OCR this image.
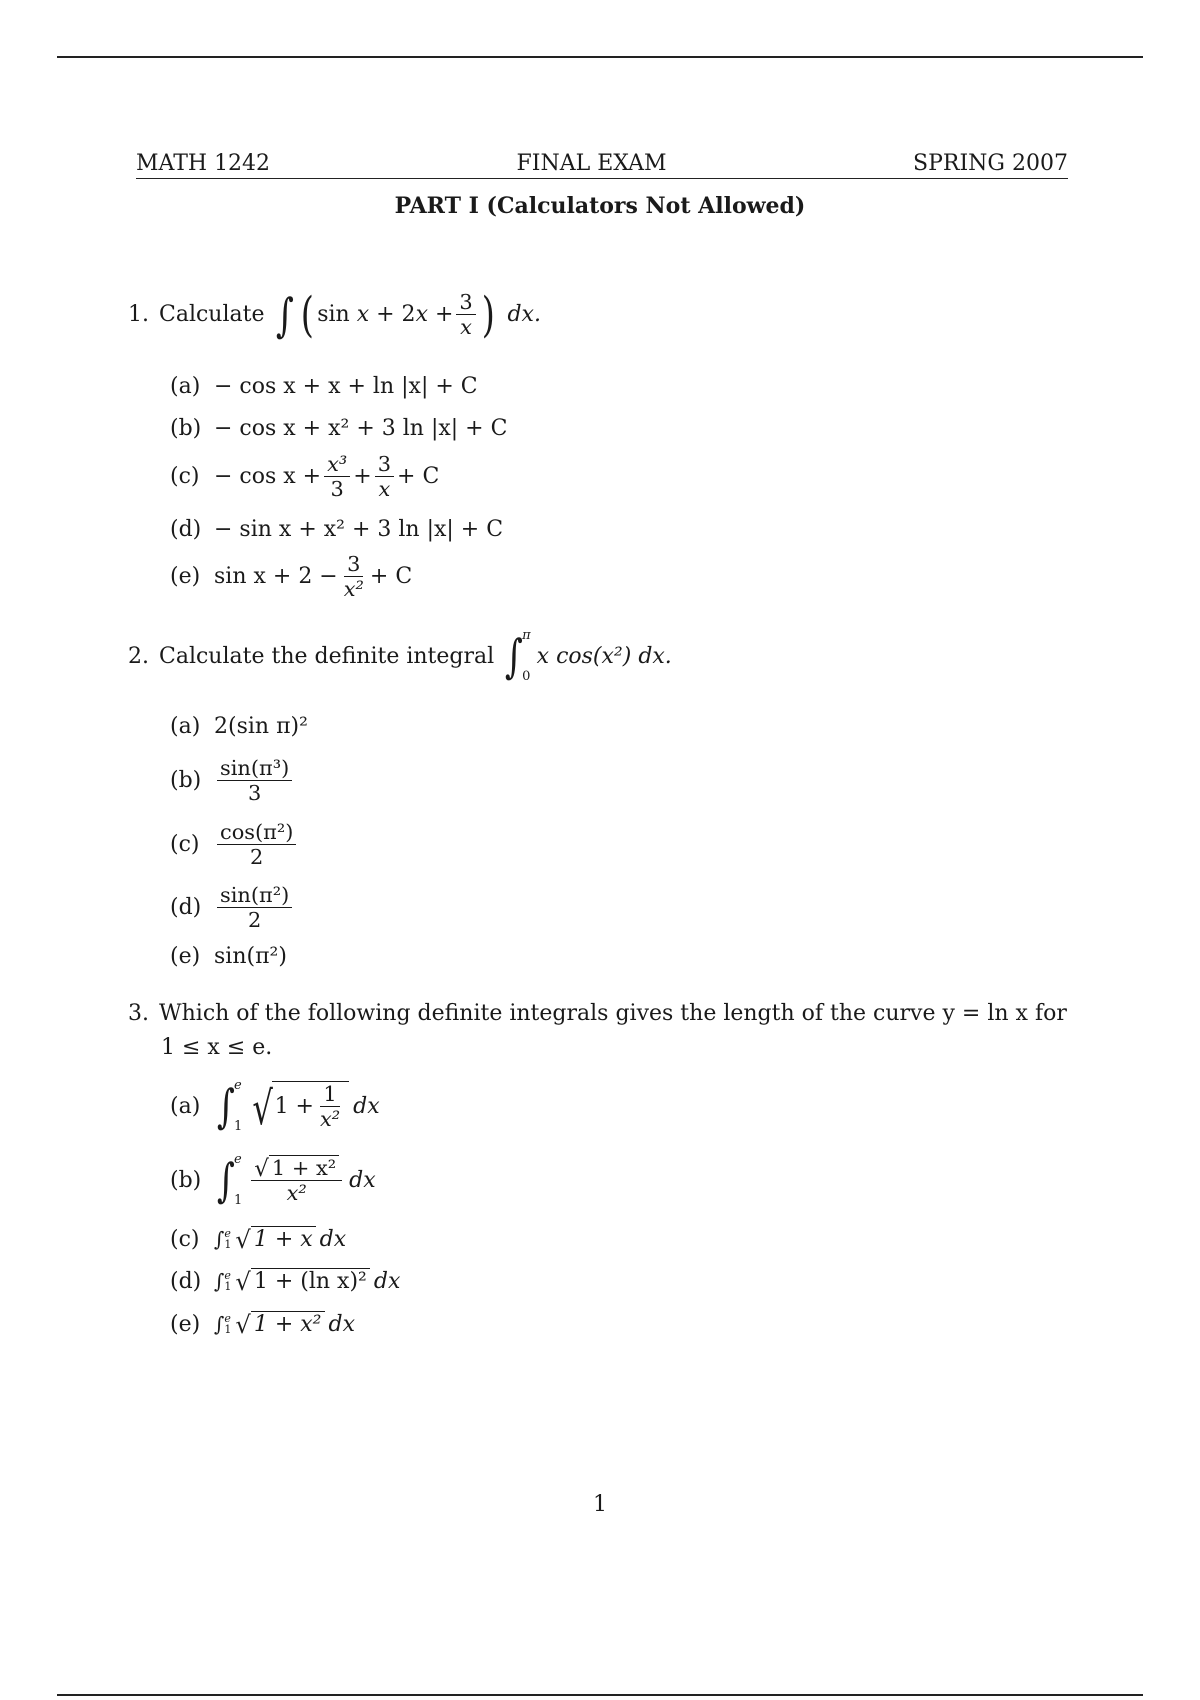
MATH 1242	FINAL EXAM	SPRING 2007
PART I (Calculators Not Allowed)
1. Calculate ∫ ( $\sin x + 2x + \frac{3}{x}$ ) dx.
(a) − cos x + x + ln |x| + C
(b) − cos x + x² + 3 ln |x| + C
$(c) - \cos x + \frac{\text{x³}}{3} + \frac{3}{x} + C$
(d) − sin x + x² + 3 ln |x| + C
(e) $\sin x + 2 - \frac{3}{\text{x²}} + C$
2. Calculate the definite integral ∫
π
0
x cos(x²) dx.
(a) 2(sin π)²
$(b) \frac{\text{sin(π³)}}{3}$
$(c) \frac{\text{cos(π²)}}{2}$
$(d) \frac{\text{sin(π²)}}{2}$
(e) sin(π²)
3. Which of the following definite integrals gives the length of the curve y = ln x for
1 ≤ x ≤ e.
(a) ∫
e
1 √ $1 + \frac{1}{\text{x²}}$ dx
(b) ∫
e
$1 \frac{\text{√ 1 + x²}}{\text{x²}}$ dx
(c) ∫ e
1 √ 1 + x dx
(d) ∫ e
1 √ 1 + (ln x)² dx
(e) ∫ e
1 √ 1 + x² dx
1
